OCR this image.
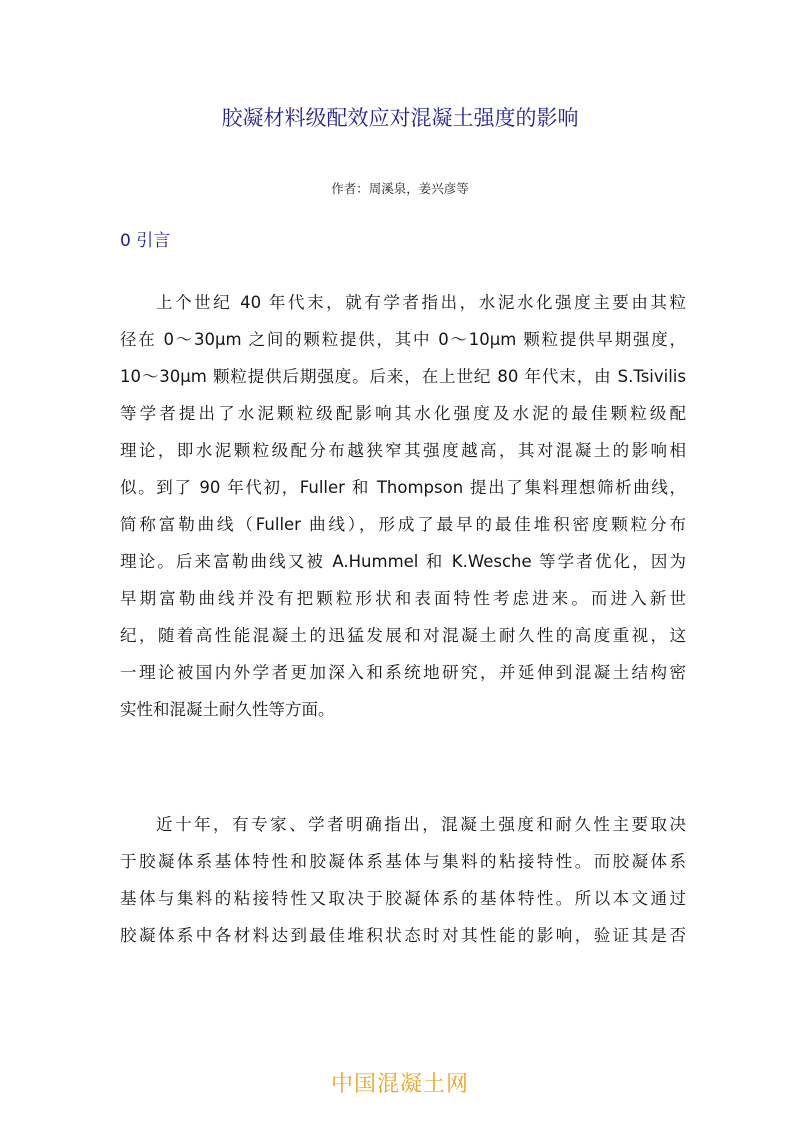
胶凝材料级配效应对混凝土强度的影响
作者：周溪泉，姜兴彦等
0 引言
上个世纪 40 年代末，就有学者指出，水泥水化强度主要由其粒
径在 0～30μm 之间的颗粒提供，其中 0～10μm 颗粒提供早期强度，
10～30μm 颗粒提供后期强度。后来，在上世纪 80 年代末，由 S.Tsivilis
等学者提出了水泥颗粒级配影响其水化强度及水泥的最佳颗粒级配
理论，即水泥颗粒级配分布越狭窄其强度越高，其对混凝土的影响相
似。到了 90 年代初，Fuller 和 Thompson 提出了集料理想筛析曲线，
简称富勒曲线（Fuller 曲线），形成了最早的最佳堆积密度颗粒分布
理论。后来富勒曲线又被 A.Hummel 和 K.Wesche 等学者优化，因为
早期富勒曲线并没有把颗粒形状和表面特性考虑进来。而进入新世
纪，随着高性能混凝土的迅猛发展和对混凝土耐久性的高度重视，这
一理论被国内外学者更加深入和系统地研究，并延伸到混凝土结构密
实性和混凝土耐久性等方面。
近十年，有专家、学者明确指出，混凝土强度和耐久性主要取决
于胶凝体系基体特性和胶凝体系基体与集料的粘接特性。而胶凝体系
基体与集料的粘接特性又取决于胶凝体系的基体特性。所以本文通过
胶凝体系中各材料达到最佳堆积状态时对其性能的影响，验证其是否
中国混凝土网
